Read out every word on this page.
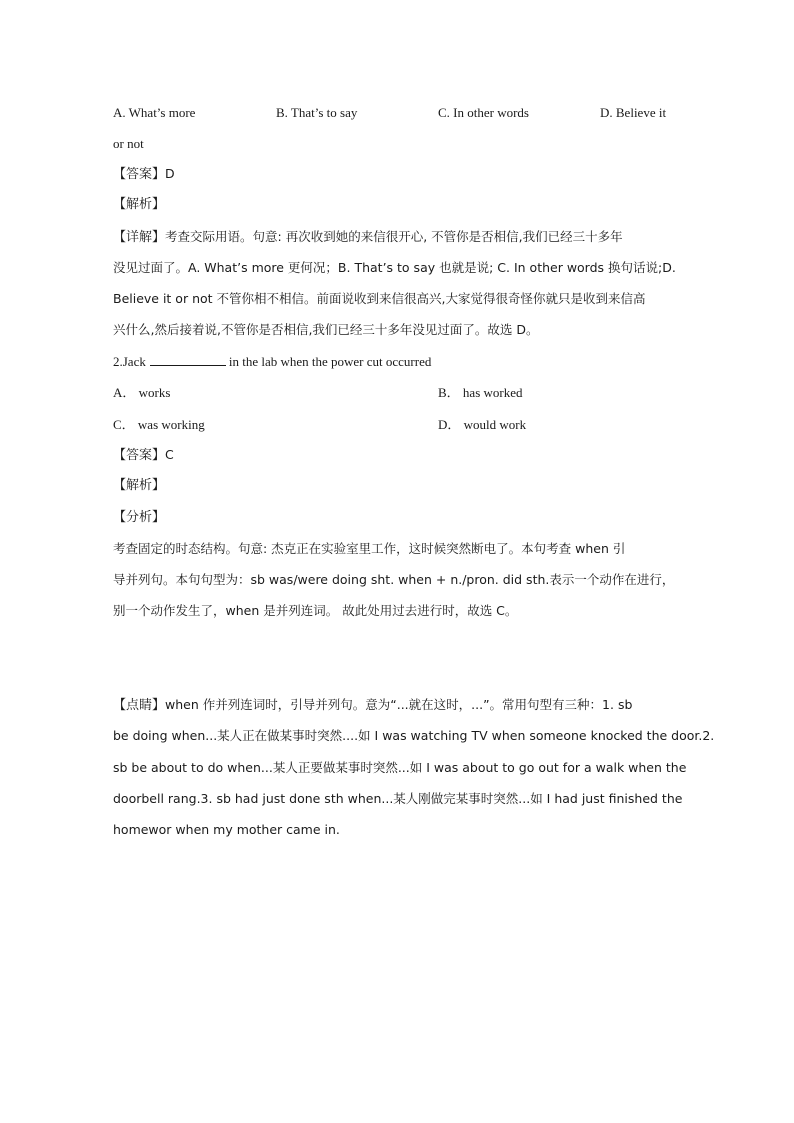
A. What’s more	B. That’s to say	C. In other words	D. Believe it
or not
【答案】D
【解析】
【详解】考查交际用语。句意: 再次收到她的来信很开心, 不管你是否相信,我们已经三十多年
没见过面了。A. What’s more 更何况；B. That’s to say 也就是说; C. In other words 换句话说;D.
Believe it or not 不管你相不相信。前面说收到来信很高兴,大家觉得很奇怪你就只是收到来信高
兴什么,然后接着说,不管你是否相信,我们已经三十多年没见过面了。故选 D。
2.Jack	in the lab when the power cut occurred
A． works	B． has worked
C． was working	D． would work
【答案】C
【解析】
【分析】
考查固定的时态结构。句意: 杰克正在实验室里工作，这时候突然断电了。本句考查 when 引
导并列句。本句句型为：sb was/were doing sht. when + n./pron. did sth.表示一个动作在进行，
别一个动作发生了，when 是并列连词。 故此处用过去进行时，故选 C。
【点睛】when 作并列连词时，引导并列句。意为“...就在这时，...”。常用句型有三种：1. sb
be doing when...某人正在做某事时突然....如 I was watching TV when someone knocked the door.2.
sb be about to do when...某人正要做某事时突然...如 I was about to go out for a walk when the
doorbell rang.3. sb had just done sth when...某人刚做完某事时突然...如 I had just finished the
homewor when my mother came in.
